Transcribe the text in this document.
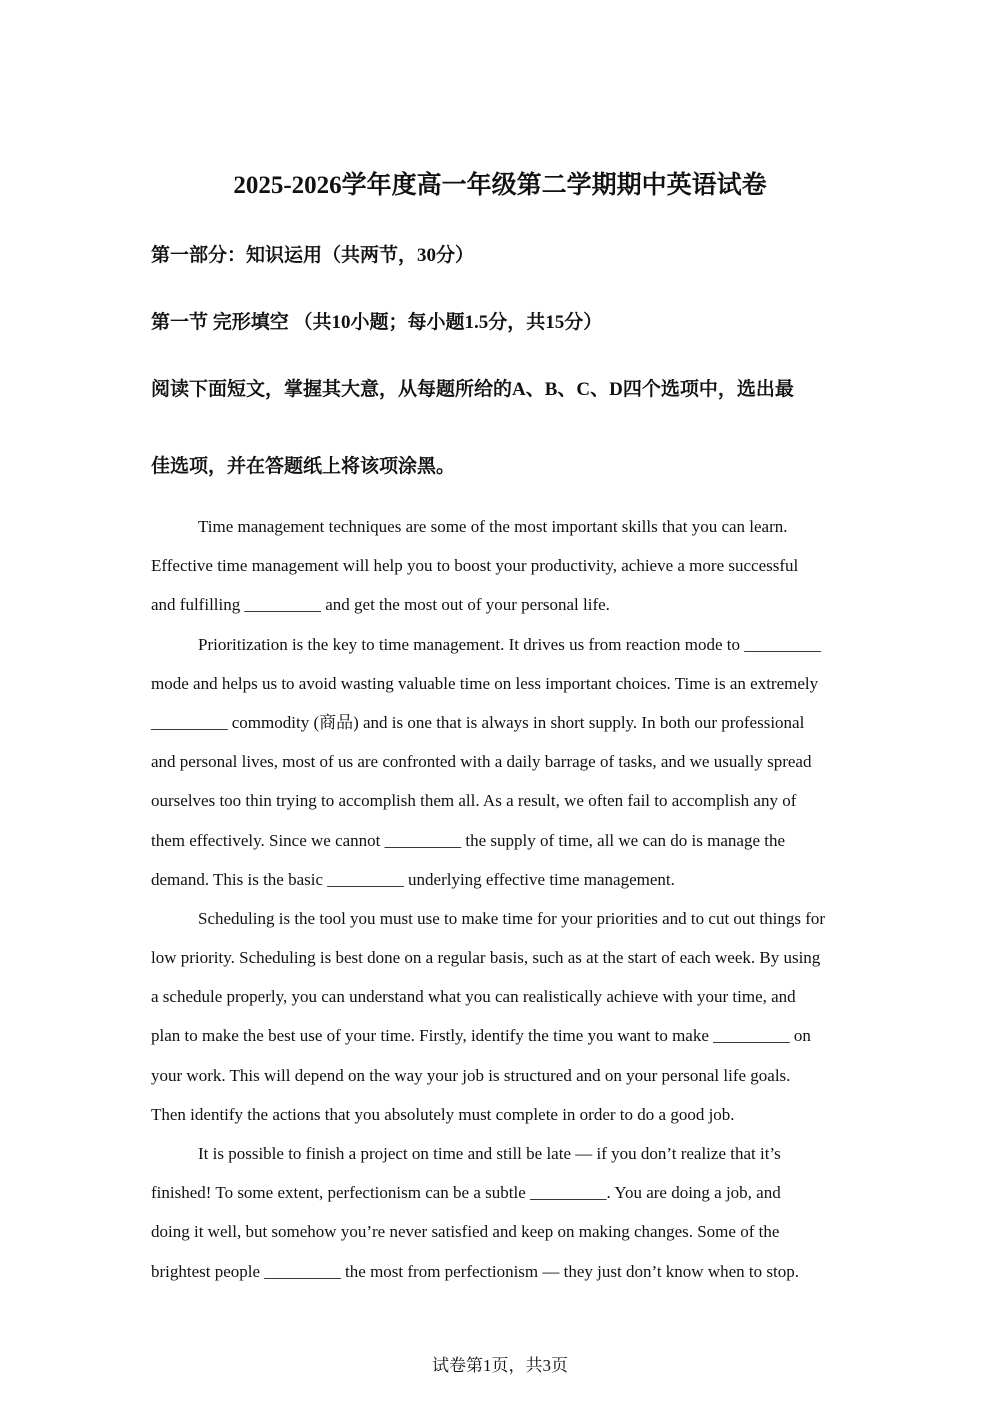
2025-2026学年度高一年级第二学期期中英语试卷

第一部分：知识运用（共两节，30分）

第一节 完形填空 （共10小题；每小题1.5分，共15分）

阅读下面短文，掌握其大意，从每题所给的A、B、C、D四个选项中，选出最

佳选项，并在答题纸上将该项涂黑。

Time management techniques are some of the most important skills that you can learn.
Effective time management will help you to boost your productivity, achieve a more successful
and fulfilling _________ and get the most out of your personal life.

Prioritization is the key to time management. It drives us from reaction mode to _________
mode and helps us to avoid wasting valuable time on less important choices. Time is an extremely
_________ commodity (商品) and is one that is always in short supply. In both our professional
and personal lives, most of us are confronted with a daily barrage of tasks, and we usually spread
ourselves too thin trying to accomplish them all. As a result, we often fail to accomplish any of
them effectively. Since we cannot _________ the supply of time, all we can do is manage the
demand. This is the basic _________ underlying effective time management.

Scheduling is the tool you must use to make time for your priorities and to cut out things for
low priority. Scheduling is best done on a regular basis, such as at the start of each week. By using
a schedule properly, you can understand what you can realistically achieve with your time, and
plan to make the best use of your time. Firstly, identify the time you want to make _________ on
your work. This will depend on the way your job is structured and on your personal life goals.
Then identify the actions that you absolutely must complete in order to do a good job.

It is possible to finish a project on time and still be late — if you don’t realize that it’s
finished! To some extent, perfectionism can be a subtle _________. You are doing a job, and
doing it well, but somehow you’re never satisfied and keep on making changes. Some of the
brightest people _________ the most from perfectionism — they just don’t know when to stop.

试卷第1页，共3页
